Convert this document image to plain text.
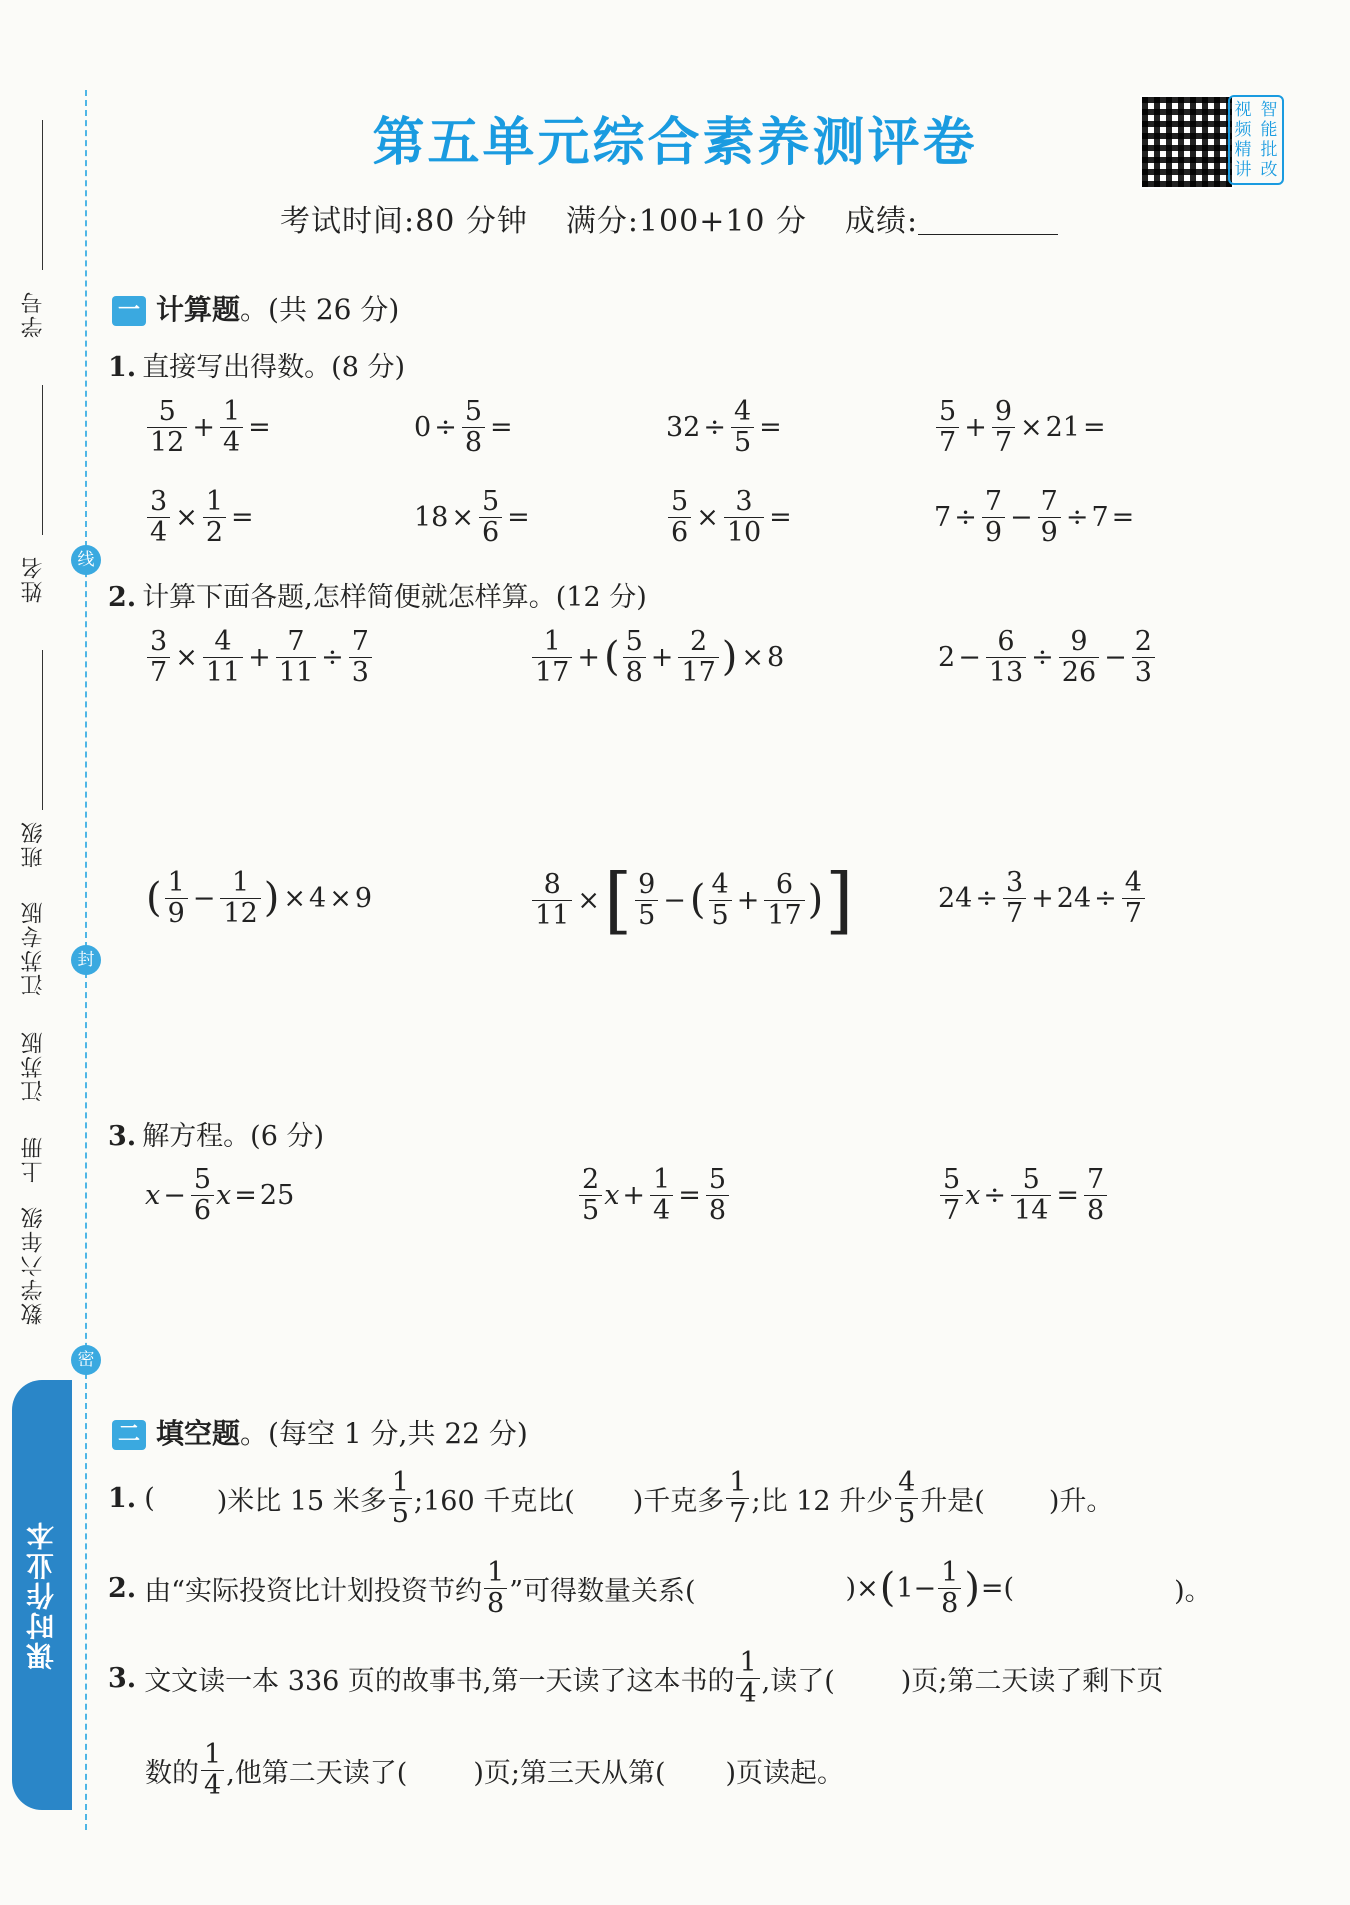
学号
姓名
班级
江苏专版
江苏版
上册
数学六年级
线
封
密
课时作业本
第五单元综合素养测评卷
视 智
频 能
精 批
讲 改
考试时间:80 分钟 满分:100+10 分 成绩:
一 计算题。(共 26 分)
1. 直接写出得数。(8 分)
$\frac{5}{12} + \frac{1}{4}$ =	$0 \div \frac{5}{8}$ =	$32 \div \frac{4}{5}$ =	$\frac{5}{7} + \frac{9}{7} \times 21$ =
$\frac{3}{4} \times \frac{1}{2}$ =	$18 \times \frac{5}{6}$ =	$\frac{5}{6} \times \frac{3}{10}$ =	$7 \div \frac{7}{9} - \frac{7}{9} \div 7$ =
2. 计算下面各题,怎样简便就怎样算。(12 分)
$\frac{3}{7} \times \frac{4}{11} + \frac{7}{11} \div \frac{7}{3}$	$\frac{1}{17}$ + ( $\frac{5}{8} + \frac{2}{17}$ ) × 8	$2 - \frac{6}{13} \div \frac{9}{26} - \frac{2}{3}$
( $\frac{1}{9} - \frac{1}{12}$ ) × 4 × 9	$\frac{8}{11}$ × [ $\frac{9}{5}$ − ( $\frac{4}{5} + \frac{6}{17}$ ) ]	$24 \div \frac{3}{7} + 24 \div \frac{4}{7}$
3. 解方程。(6 分)
$x - \frac{5}{6}$ x = 25	$\frac{2}{5}$ $x + \frac{1}{4} = \frac{5}{8}$	$\frac{5}{7}$ $x \div \frac{5}{14} = \frac{7}{8}$
二 填空题。(每空 1 分,共 22 分)
1. ( )米比 15 米多 $\frac{1}{5}$ ;160 千克比( )千克多 $\frac{1}{7}$ ;比 12 升少 $\frac{4}{5}$ 升是( )升。
2. 由“实际投资比计划投资节约 $\frac{1}{8}$ ”可得数量关系(	)× ( $1- \frac{1}{8}$ ) =(	)。
3. 文文读一本 336 页的故事书,第一天读了这本书的 $\frac{1}{4}$ ,读了( )页;第二天读了剩下页
数的 $\frac{1}{4}$ ,他第二天读了( )页;第三天从第( )页读起。
